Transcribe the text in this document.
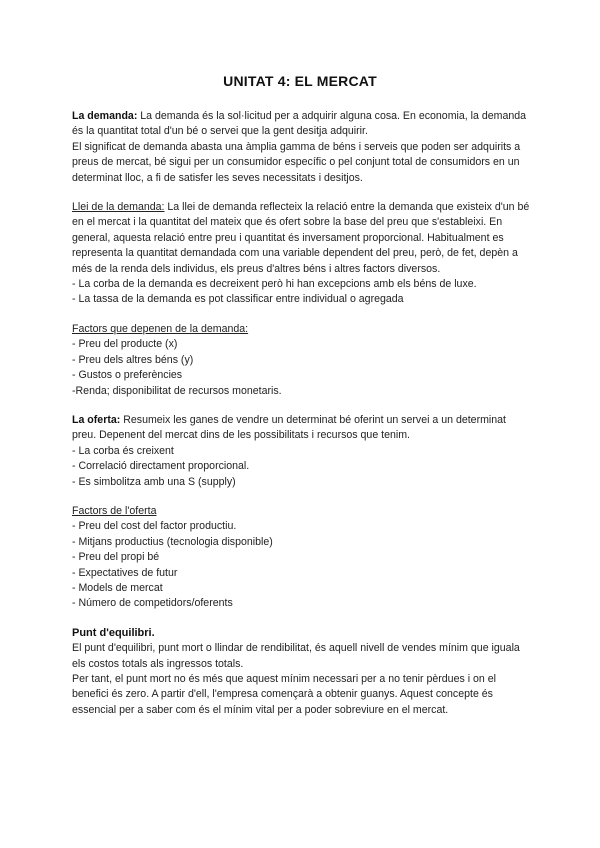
UNITAT 4: EL MERCAT

La demanda: La demanda és la sol·licitud per a adquirir alguna cosa. En economia, la demanda és la quantitat total d'un bé o servei que la gent desitja adquirir.

El significat de demanda abasta una àmplia gamma de béns i serveis que poden ser adquirits a preus de mercat, bé sigui per un consumidor específic o pel conjunt total de consumidors en un determinat lloc, a fi de satisfer les seves necessitats i desitjos.

Llei de la demanda: La llei de demanda reflecteix la relació entre la demanda que existeix d'un bé en el mercat i la quantitat del mateix que és ofert sobre la base del preu que s'estableixi. En general, aquesta relació entre preu i quantitat és inversament proporcional. Habitualment es representa la quantitat demandada com una variable dependent del preu, però, de fet, depèn a més de la renda dels individus, els preus d'altres béns i altres factors diversos.

- La corba de la demanda es decreixent però hi han excepcions amb els béns de luxe.

- La tassa de la demanda es pot classificar entre individual o agregada

Factors que depenen de la demanda:

- Preu del producte (x)

- Preu dels altres béns (y)

- Gustos o preferències

-Renda; disponibilitat de recursos monetaris.

La oferta: Resumeix les ganes de vendre un determinat bé oferint un servei a un determinat preu. Depenent del mercat dins de les possibilitats i recursos que tenim.

- La corba és creixent

- Correlació directament proporcional.

- Es simbolitza amb una S (supply)

Factors de l'oferta

- Preu del cost del factor productiu.

- Mitjans productius (tecnologia disponible)

- Preu del propi bé

- Expectatives de futur

- Models de mercat

- Número de competidors/oferents

Punt d'equilibri.

El punt d'equilibri, punt mort o llindar de rendibilitat, és aquell nivell de vendes mínim que iguala els costos totals als ingressos totals.

Per tant, el punt mort no és més que aquest mínim necessari per a no tenir pèrdues i on el benefici és zero. A partir d'ell, l'empresa començarà a obtenir guanys. Aquest concepte és essencial per a saber com és el mínim vital per a poder sobreviure en el mercat.
